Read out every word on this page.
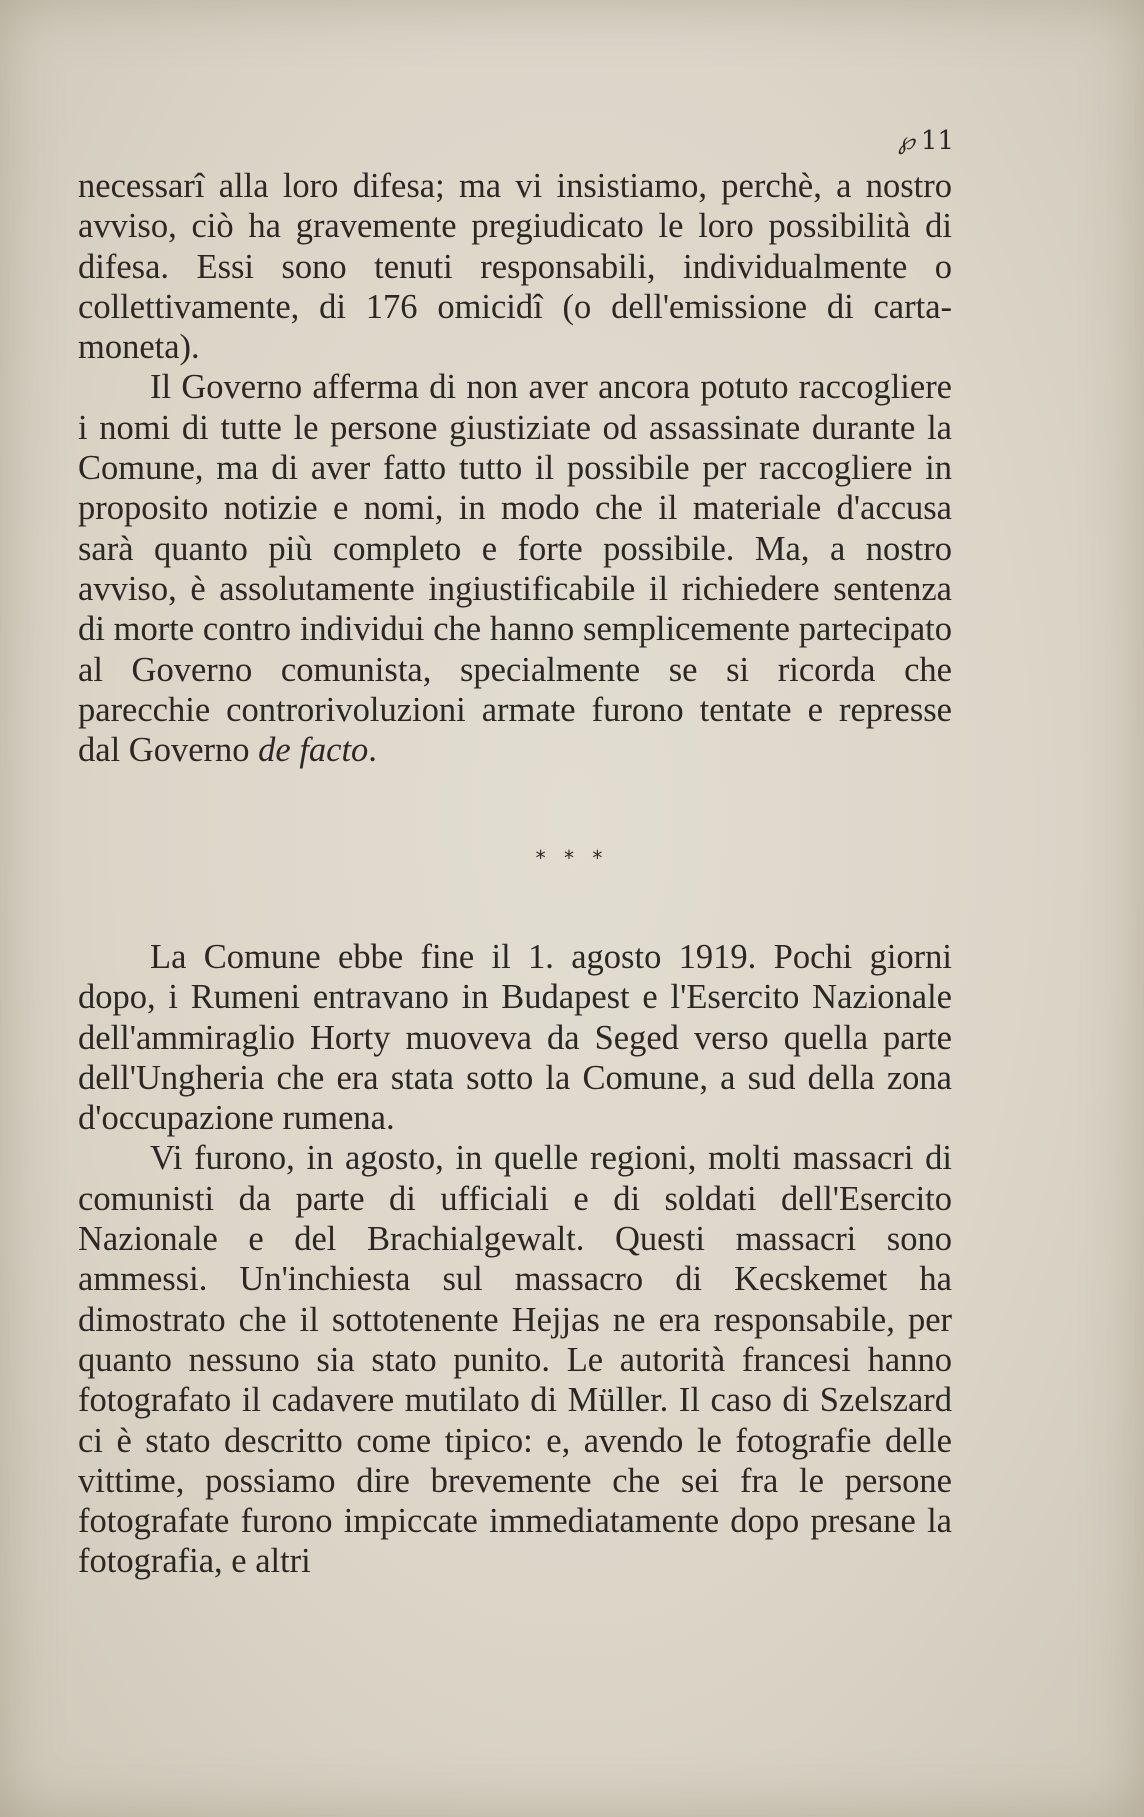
℘ 11

necessarî alla loro difesa; ma vi insistiamo, perchè, a nostro avviso, ciò ha gravemente pregiudicato le loro possibilità di difesa. Essi sono tenuti responsabili, individualmente o collettivamente, di 176 omicidî (o dell'emissione di carta-moneta).

Il Governo afferma di non aver ancora potuto raccogliere i nomi di tutte le persone giustiziate od assassinate durante la Comune, ma di aver fatto tutto il possibile per raccogliere in proposito notizie e nomi, in modo che il materiale d'accusa sarà quanto più completo e forte possibile. Ma, a nostro avviso, è assolutamente ingiustificabile il richiedere sentenza di morte contro individui che hanno semplicemente partecipato al Governo comunista, specialmente se si ricorda che parecchie controrivoluzioni armate furono tentate e represse dal Governo de facto.

* * *

La Comune ebbe fine il 1. agosto 1919. Pochi giorni dopo, i Rumeni entravano in Budapest e l'Esercito Nazionale dell'ammiraglio Horty muoveva da Seged verso quella parte dell'Ungheria che era stata sotto la Comune, a sud della zona d'occupazione rumena.

Vi furono, in agosto, in quelle regioni, molti massacri di comunisti da parte di ufficiali e di soldati dell'Esercito Nazionale e del Brachialgewalt. Questi massacri sono ammessi. Un'inchiesta sul massacro di Kecskemet ha dimostrato che il sottotenente Hejjas ne era responsabile, per quanto nessuno sia stato punito. Le autorità francesi hanno fotografato il cadavere mutilato di Müller. Il caso di Szelszard ci è stato descritto come tipico: e, avendo le fotografie delle vittime, possiamo dire brevemente che sei fra le persone fotografate furono impiccate immediatamente dopo presane la fotografia, e altri
